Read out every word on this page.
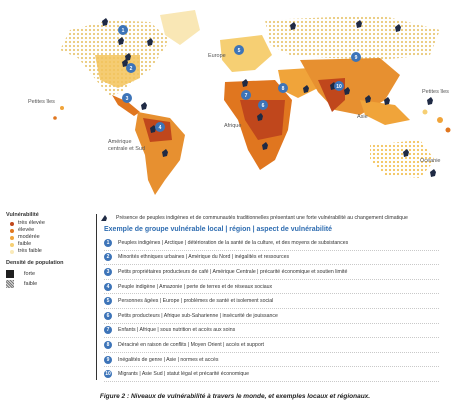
1
2
3
4
5
6
7
8
9
10
Europe
Afrique
Asie
Océanie
Petites îles
Petites îles
Amérique
centrale et Sud
Vulnérabilité
très élevée
élevée
modérée
faible
très faible
Densité de population
forte
faible
Présence de peuples indigènes et de communautés traditionnelles présentant une forte vulnérabilité au changement climatique
Exemple de groupe vulnérable local | région | aspect de vulnérabilité
1	Peuples indigènes | Arctique | détérioration de la santé de la culture, et des moyens de subsistances
2	Minorités ethniques urbaines | Amérique du Nord | inégalités et ressources
3	Petits propriétaires producteurs de café | Amérique Centrale | précarité économique et soutien limité
4	Peuple indigène | Amazonie | perte de terres et de réseaux sociaux
5	Personnes âgées | Europe | problèmes de santé et isolement social
6	Petits producteurs | Afrique sub-Saharienne | insécurité de jouissance
7	Enfants | Afrique | sous nutrition et accès aux soins
8	Déraciné en raison de conflits | Moyen Orient | accès et support
9	Inégalités de genre | Asie | normes et accès
10 Migrants | Asie Sud | statut légal et précarité économique
Figure 2 : Niveaux de vulnérabilité à travers le monde, et exemples locaux et régionaux.
